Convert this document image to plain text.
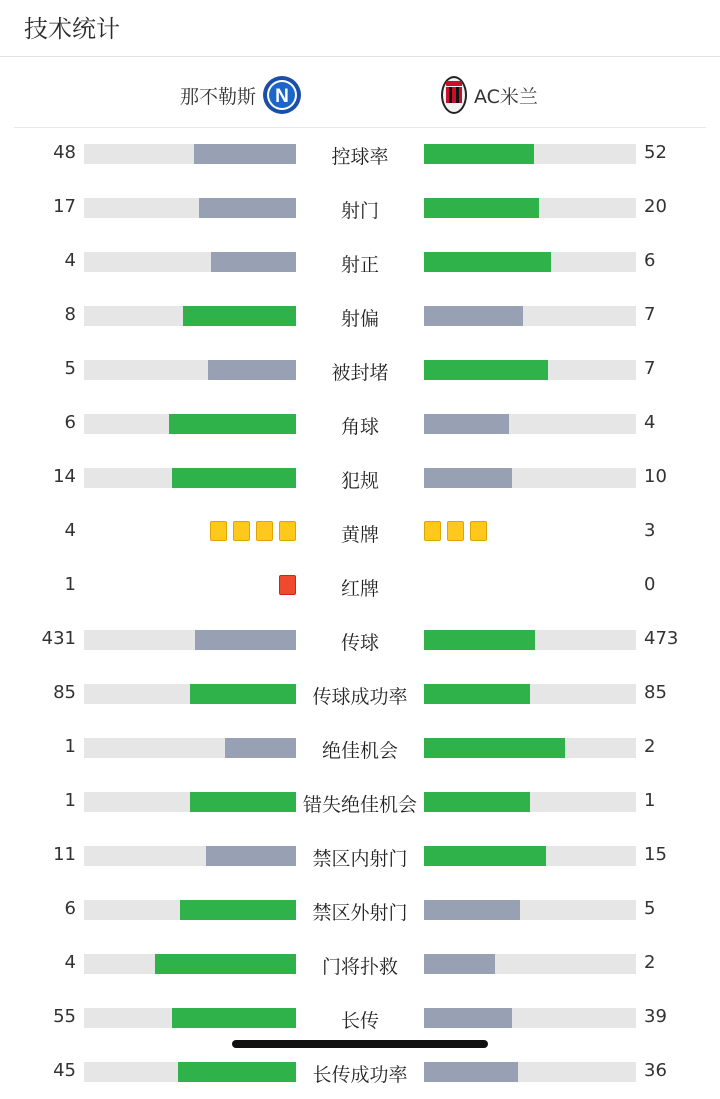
技术统计
那不勒斯 N	AC米兰
48	控球率	52
17	射门	20
4	射正	6
8	射偏	7
5	被封堵	7
6	角球	4
14	犯规	10
4	黄牌	3
1	红牌	0
431	传球	473
85	传球成功率	85
1	绝佳机会	2
1	错失绝佳机会	1
11	禁区内射门	15
6	禁区外射门	5
4	门将扑救	2
55	长传	39
45	长传成功率	36
